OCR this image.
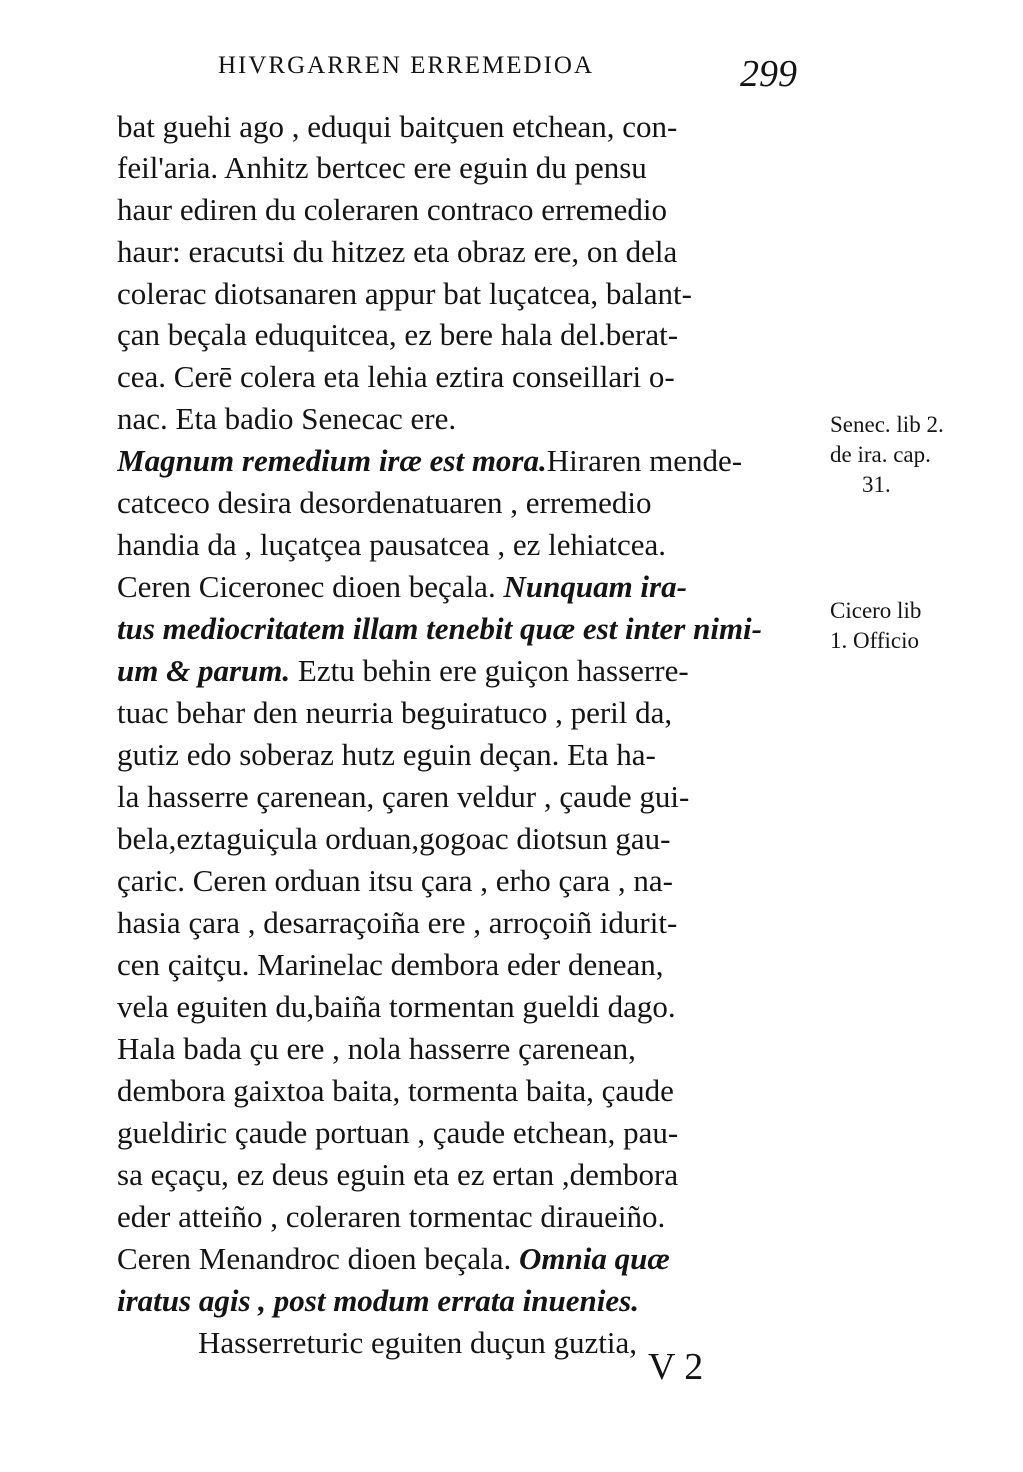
HIVRGARREN ERREMEDIOA	299
bat guehi ago , eduqui baitçuen etchean, con-
feil'aria. Anhitz bertcec ere eguin du pensu
haur ediren du coleraren contraco erremedio
haur: eracutsi du hitzez eta obraz ere, on dela
colerac diotsanaren appur bat luçatcea, balant-
çan beçala eduquitcea, ez bere hala del.berat-
cea. Cerē colera eta lehia eztira conseillari o-
nac. Eta badio Senecac ere.
Magnum remedium iræ est mora.Hiraren mende-
catceco desira desordenatuaren , erremedio
handia da , luçatçea pausatcea , ez lehiatcea.
Ceren Ciceronec dioen beçala. Nunquam ira-
tus mediocritatem illam tenebit quæ est inter nimi-
um & parum. Eztu behin ere guiçon hasserre-
tuac behar den neurria beguiratuco , peril da,
gutiz edo soberaz hutz eguin deçan. Eta ha-
la hasserre çarenean, çaren veldur , çaude gui-
bela,eztaguiçula orduan,gogoac diotsun gau-
çaric. Ceren orduan itsu çara , erho çara , na-
hasia çara , desarraçoiña ere , arroçoiñ idurit-
cen çaitçu. Marinelac dembora eder denean,
vela eguiten du,baiña tormentan gueldi dago.
Hala bada çu ere , nola hasserre çarenean,
dembora gaixtoa baita, tormenta baita, çaude
gueldiric çaude portuan , çaude etchean, pau-
sa eçaçu, ez deus eguin eta ez ertan ,dembora
eder atteiño , coleraren tormentac diraueiño.
Ceren Menandroc dioen beçala. Omnia quæ
iratus agis , post modum errata inuenies.
Hasserreturic eguiten duçun guztia,
Senec. lib 2.
de ira. cap.
31.
Cicero lib
1. Officio
V 2
